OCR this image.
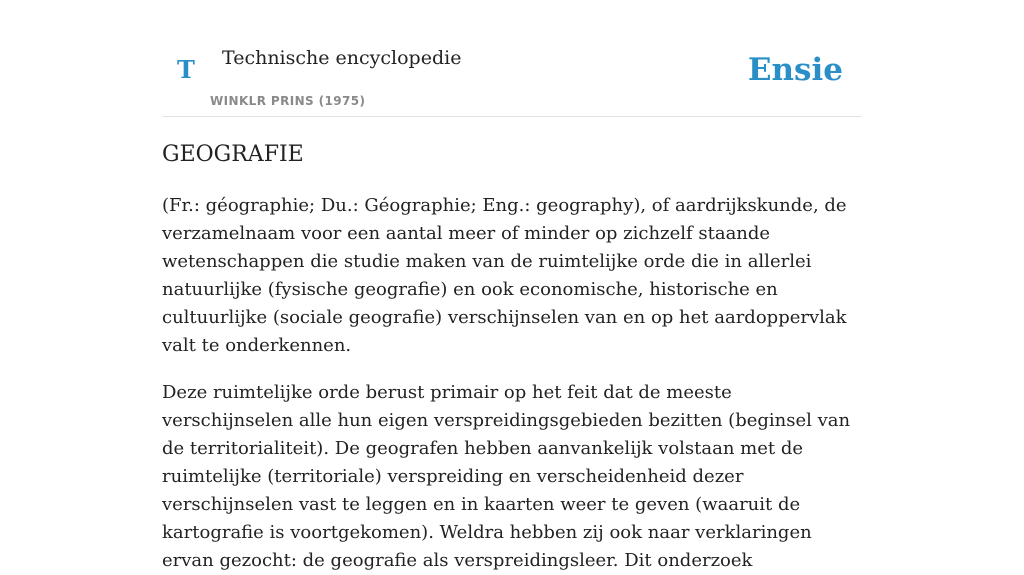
T Technische encyclopedie
WINKLR PRINS (1975)
Ensie
GEOGRAFIE

(Fr.: géographie; Du.: Géographie; Eng.: geography), of aardrijkskunde, de verzamelnaam voor een aantal meer of minder op zichzelf staande wetenschappen die studie maken van de ruimtelijke orde die in allerlei natuurlijke (fysische geografie) en ook economische, historische en cultuurlijke (sociale geografie) verschijnselen van en op het aardoppervlak valt te onderkennen.

Deze ruimtelijke orde berust primair op het feit dat de meeste verschijnselen alle hun eigen verspreidingsgebieden bezitten (beginsel van de territorialiteit). De geografen hebben aanvankelijk volstaan met de ruimtelijke (territoriale) verspreiding en verscheidenheid dezer verschijnselen vast te leggen en in kaarten weer te geven (waaruit de kartografie is voortgekomen). Weldra hebben zij ook naar verklaringen ervan gezocht: de geografie als verspreidingsleer. Dit onderzoek
